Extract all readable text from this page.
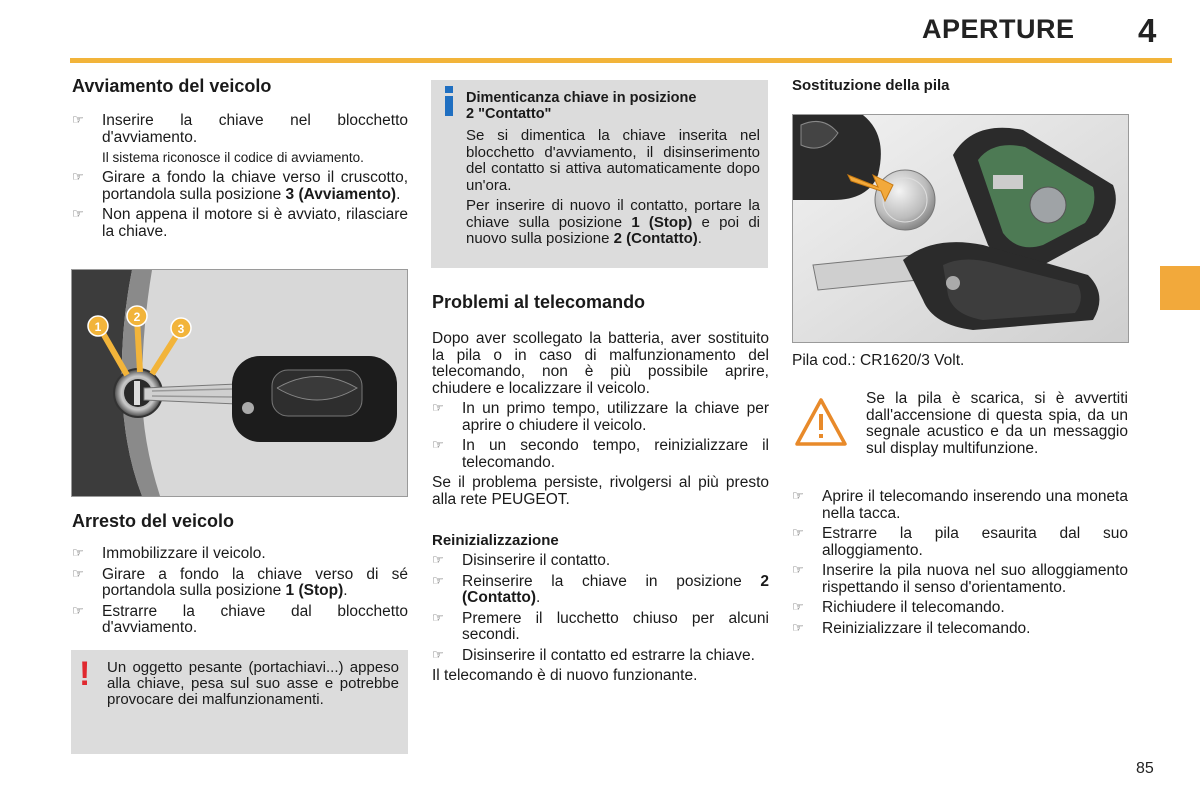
APERTURE 4
Avviamento del veicolo
☞ Inserire la chiave nel blocchetto d'avviamento.
Il sistema riconosce il codice di avviamento.
☞ Girare a fondo la chiave verso il cruscotto, portandola sulla posizione 3 (Avviamento).
☞ Non appena il motore si è avviato, rilasciare la chiave.
1
2
3
Arresto del veicolo
☞ Immobilizzare il veicolo.
☞ Girare a fondo la chiave verso di sé portandola sulla posizione 1 (Stop).
☞ Estrarre la chiave dal blocchetto d'avviamento.
! Un oggetto pesante (portachiavi...) appeso alla chiave, pesa sul suo asse e potrebbe provocare dei malfunzionamenti.
Dimenticanza chiave in posizione 2 "Contatto"
Se si dimentica la chiave inserita nel blocchetto d'avviamento, il disinserimento del contatto si attiva automaticamente dopo un'ora.
Per inserire di nuovo il contatto, portare la chiave sulla posizione 1 (Stop) e poi di nuovo sulla posizione 2 (Contatto).
Problemi al telecomando
Dopo aver scollegato la batteria, aver sostituito la pila o in caso di malfunzionamento del telecomando, non è più possibile aprire, chiudere e localizzare il veicolo.
☞ In un primo tempo, utilizzare la chiave per aprire o chiudere il veicolo.
☞ In un secondo tempo, reinizializzare il telecomando.
Se il problema persiste, rivolgersi al più presto alla rete PEUGEOT.
Reinizializzazione
☞ Disinserire il contatto.
☞ Reinserire la chiave in posizione 2 (Contatto).
☞ Premere il lucchetto chiuso per alcuni secondi.
☞ Disinserire il contatto ed estrarre la chiave.
Il telecomando è di nuovo funzionante.
Sostituzione della pila
Pila cod.: CR1620/3 Volt.
Se la pila è scarica, si è avvertiti dall'accensione di questa spia, da un segnale acustico e da un messaggio sul display multifunzione.
☞ Aprire il telecomando inserendo una moneta nella tacca.
☞ Estrarre la pila esaurita dal suo alloggiamento.
☞ Inserire la pila nuova nel suo alloggiamento rispettando il senso d'orientamento.
☞ Richiudere il telecomando.
☞ Reinizializzare il telecomando.
85
